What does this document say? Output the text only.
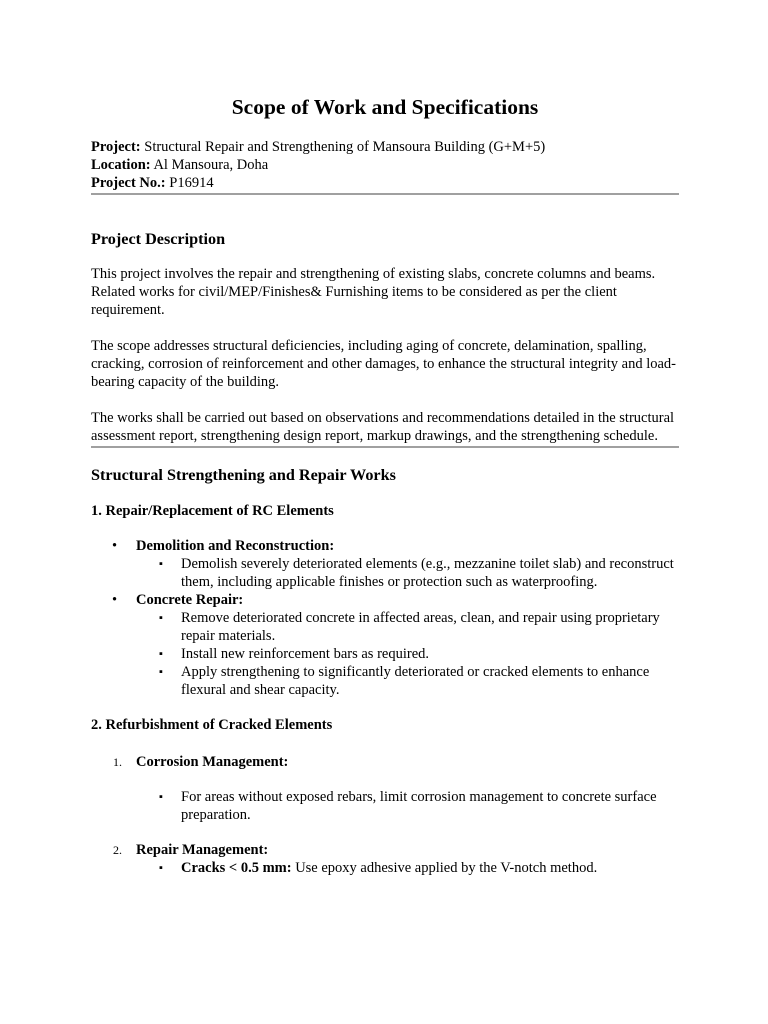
Scope of Work and Specifications

Project: Structural Repair and Strengthening of Mansoura Building (G+M+5)

Location: Al Mansoura, Doha

Project No.: P16914

Project Description

This project involves the repair and strengthening of existing slabs, concrete columns and beams. Related works for civil/MEP/Finishes& Furnishing items to be considered as per the client requirement.

The scope addresses structural deficiencies, including aging of concrete, delamination, spalling, cracking, corrosion of reinforcement and other damages, to enhance the structural integrity and load-bearing capacity of the building.

The works shall be carried out based on observations and recommendations detailed in the structural assessment report, strengthening design report, markup drawings, and the strengthening schedule.

Structural Strengthening and Repair Works
1. Repair/Replacement of RC Elements
• Demolition and Reconstruction:
▪ Demolish severely deteriorated elements (e.g., mezzanine toilet slab) and reconstruct them, including applicable finishes or protection such as waterproofing.
• Concrete Repair:
▪ Remove deteriorated concrete in affected areas, clean, and repair using proprietary repair materials.
▪ Install new reinforcement bars as required.
▪ Apply strengthening to significantly deteriorated or cracked elements to enhance flexural and shear capacity.
2. Refurbishment of Cracked Elements
1. Corrosion Management:
▪ For areas without exposed rebars, limit corrosion management to concrete surface preparation.
2. Repair Management:
▪ Cracks < 0.5 mm: Use epoxy adhesive applied by the V-notch method.
